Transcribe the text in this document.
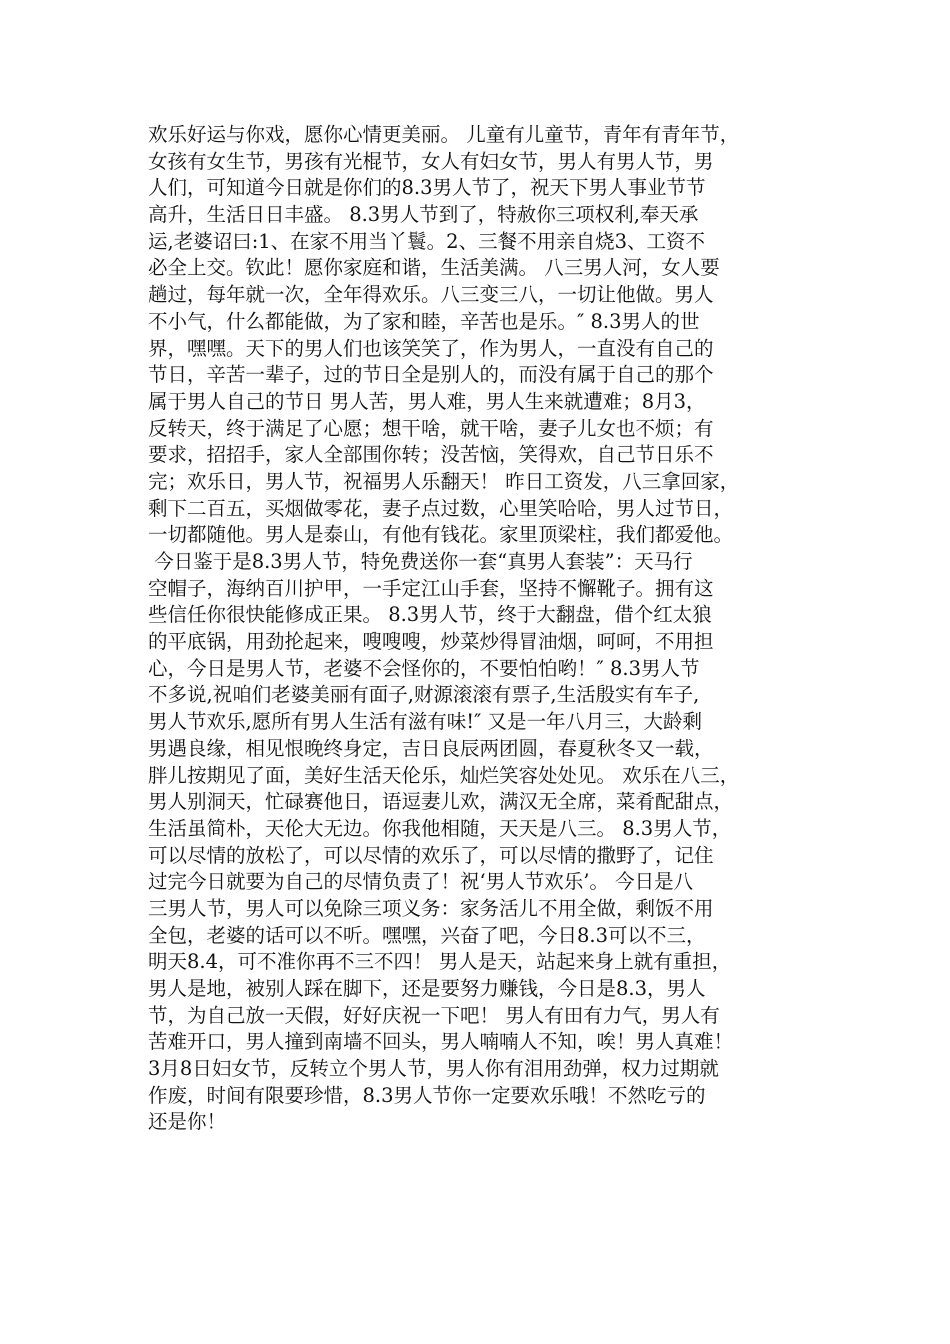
欢乐好运与你戏，愿你心情更美丽。 儿童有儿童节，青年有青年节，
女孩有女生节，男孩有光棍节，女人有妇女节，男人有男人节，男
人们，可知道今日就是你们的8.3男人节了，祝天下男人事业节节
高升，生活日日丰盛。 8.3男人节到了，特赦你三项权利,奉天承
运,老婆诏曰:1、在家不用当丫鬟。2、三餐不用亲自烧3、工资不
必全上交。钦此！愿你家庭和谐，生活美满。 八三男人河，女人要
趟过，每年就一次，全年得欢乐。八三变三八，一切让他做。男人
不小气，什么都能做，为了家和睦，辛苦也是乐。″ 8.3男人的世
界，嘿嘿。天下的男人们也该笑笑了，作为男人，一直没有自己的
节日，辛苦一辈子，过的节日全是别人的，而没有属于自己的那个
属于男人自己的节日 男人苦，男人难，男人生来就遭难；8月3，
反转天，终于满足了心愿；想干啥，就干啥，妻子儿女也不烦；有
要求，招招手，家人全部围你转；没苦恼，笑得欢，自己节日乐不
完；欢乐日，男人节，祝福男人乐翻天！ 昨日工资发，八三拿回家，
剩下二百五，买烟做零花，妻子点过数，心里笑哈哈，男人过节日，
一切都随他。男人是泰山，有他有钱花。家里顶梁柱，我们都爱他。
今日鉴于是8.3男人节，特免费送你一套“真男人套装”：天马行
空帽子，海纳百川护甲，一手定江山手套，坚持不懈靴子。拥有这
些信任你很快能修成正果。 8.3男人节，终于大翻盘，借个红太狼
的平底锅，用劲抡起来，嗖嗖嗖，炒菜炒得冒油烟，呵呵，不用担
心，今日是男人节，老婆不会怪你的，不要怕怕哟！″ 8.3男人节
不多说,祝咱们老婆美丽有面子,财源滚滚有票子,生活殷实有车子,
男人节欢乐,愿所有男人生活有滋有味!″ 又是一年八月三，大龄剩
男遇良缘，相见恨晚终身定，吉日良辰两团圆，春夏秋冬又一载，
胖儿按期见了面，美好生活天伦乐，灿烂笑容处处见。 欢乐在八三，
男人别洞天，忙碌赛他日，语逗妻儿欢，满汉无全席，菜肴配甜点，
生活虽简朴，天伦大无边。你我他相随，天天是八三。 8.3男人节，
可以尽情的放松了，可以尽情的欢乐了，可以尽情的撒野了，记住
过完今日就要为自己的尽情负责了！祝‘男人节欢乐’。 今日是八
三男人节，男人可以免除三项义务：家务活儿不用全做，剩饭不用
全包，老婆的话可以不听。嘿嘿，兴奋了吧，今日8.3可以不三，
明天8.4，可不准你再不三不四！ 男人是天，站起来身上就有重担，
男人是地，被别人踩在脚下，还是要努力赚钱，今日是8.3，男人
节，为自己放一天假，好好庆祝一下吧！ 男人有田有力气，男人有
苦难开口，男人撞到南墙不回头，男人喃喃人不知，唉！男人真难！
3月8日妇女节，反转立个男人节，男人你有泪用劲弹，权力过期就
作废，时间有限要珍惜，8.3男人节你一定要欢乐哦！不然吃亏的
还是你！
